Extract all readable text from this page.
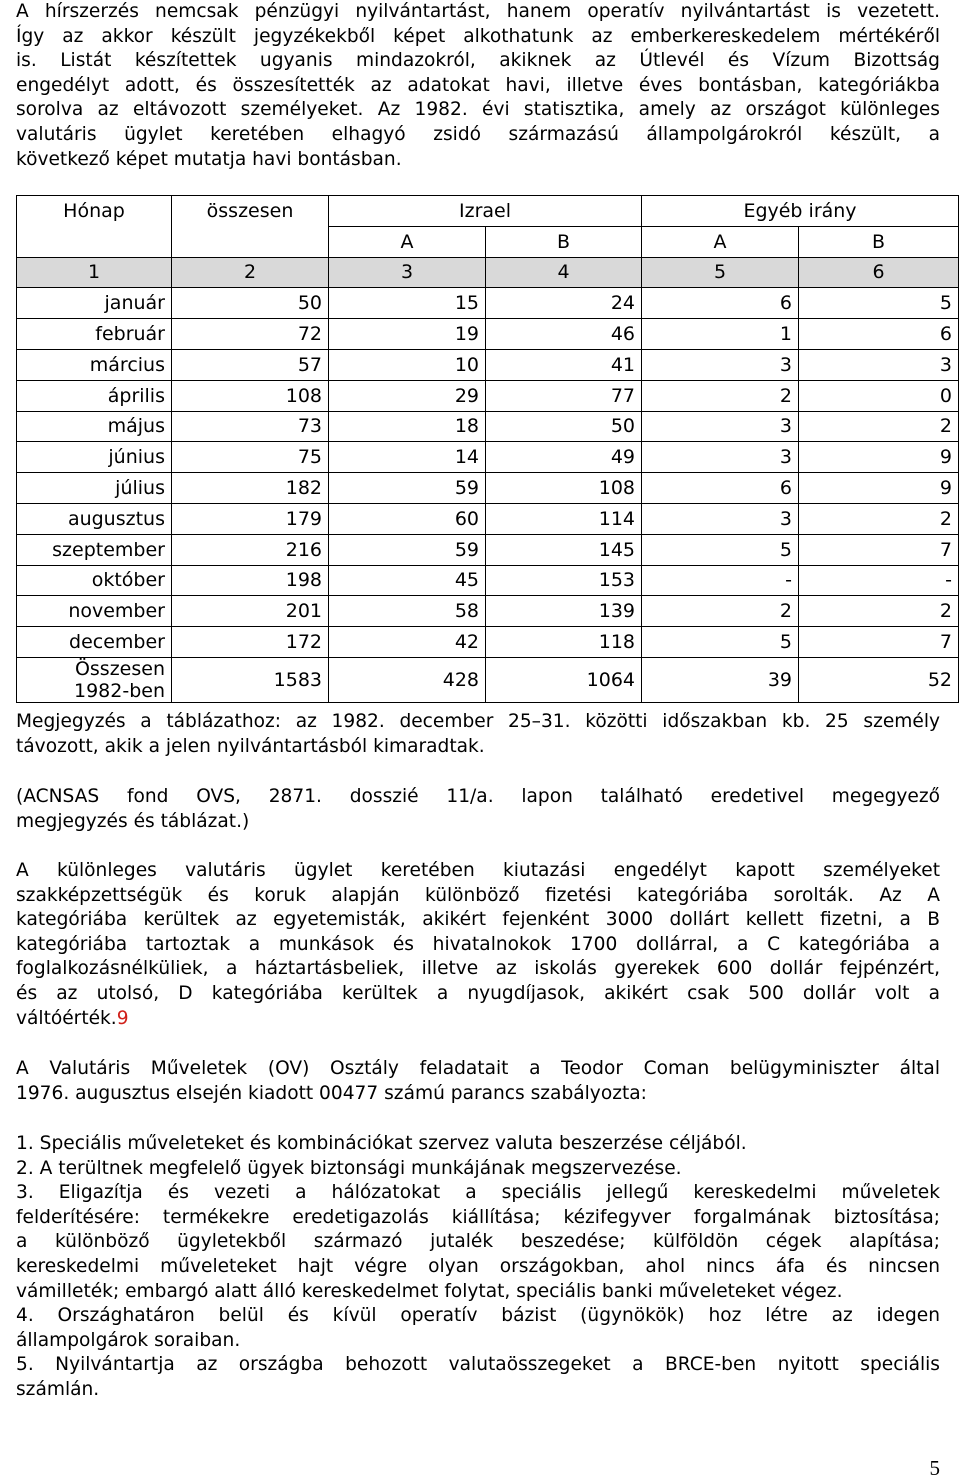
A hírszerzés nemcsak pénzügyi nyilvántartást, hanem operatív nyilvántartást is vezetett.
Így az akkor készült jegyzékekből képet alkothatunk az emberkereskedelem mértékéről
is. Listát készítettek ugyanis mindazokról, akiknek az Útlevél és Vízum Bizottság
engedélyt adott, és összesítették az adatokat havi, illetve éves bontásban, kategóriákba
sorolva az eltávozott személyeket. Az 1982. évi statisztika, amely az országot különleges
valutáris ügylet keretében elhagyó zsidó származású állampolgárokról készült, a
következő képet mutatja havi bontásban.
Hónap	összesen	Izrael		Egyéb irány	
		A	B	A	B
1	2	3	4	5	6
január	50	15	24	6	5
február	72	19	46	1	6
március	57	10	41	3	3
április	108	29	77	2	0
május	73	18	50	3	2
június	75	14	49	3	9
július	182	59	108	6	9
augusztus	179	60	114	3	2
szeptember	216	59	145	5	7
október	198	45	153	-	-
november	201	58	139	2	2
december	172	42	118	5	7
Összesen
1982-ben	1583	428	1064	39	52
Megjegyzés a táblázathoz: az 1982. december 25–31. közötti időszakban kb. 25 személy
távozott, akik a jelen nyilvántartásból kimaradtak.
(ACNSAS fond OVS, 2871. dosszié 11/a. lapon található eredetivel megegyező
megjegyzés és táblázat.)
A különleges valutáris ügylet keretében kiutazási engedélyt kapott személyeket
szakképzettségük és koruk alapján különböző fizetési kategóriába sorolták. Az A
kategóriába kerültek az egyetemisták, akikért fejenként 3000 dollárt kellett fizetni, a B
kategóriába tartoztak a munkások és hivatalnokok 1700 dollárral, a C kategóriába a
foglalkozásnélküliek, a háztartásbeliek, illetve az iskolás gyerekek 600 dollár fejpénzért,
és az utolsó, D kategóriába kerültek a nyugdíjasok, akikért csak 500 dollár volt a
váltóérték.9
A Valutáris Műveletek (OV) Osztály feladatait a Teodor Coman belügyminiszter által
1976. augusztus elsején kiadott 00477 számú parancs szabályozta:
1. Speciális műveleteket és kombinációkat szervez valuta beszerzése céljából.
2. A terültnek megfelelő ügyek biztonsági munkájának megszervezése.
3. Eligazítja és vezeti a hálózatokat a speciális jellegű kereskedelmi műveletek
felderítésére: termékekre eredetigazolás kiállítása; kézifegyver forgalmának biztosítása;
a különböző ügyletekből származó jutalék beszedése; külföldön cégek alapítása;
kereskedelmi műveleteket hajt végre olyan országokban, ahol nincs áfa és nincsen
vámilleték; embargó alatt álló kereskedelmet folytat, speciális banki műveleteket végez.
4. Országhatáron belül és kívül operatív bázist (ügynökök) hoz létre az idegen
állampolgárok soraiban.
5. Nyilvántartja az országba behozott valutaösszegeket a BRCE-ben nyitott speciális
számlán.
5
